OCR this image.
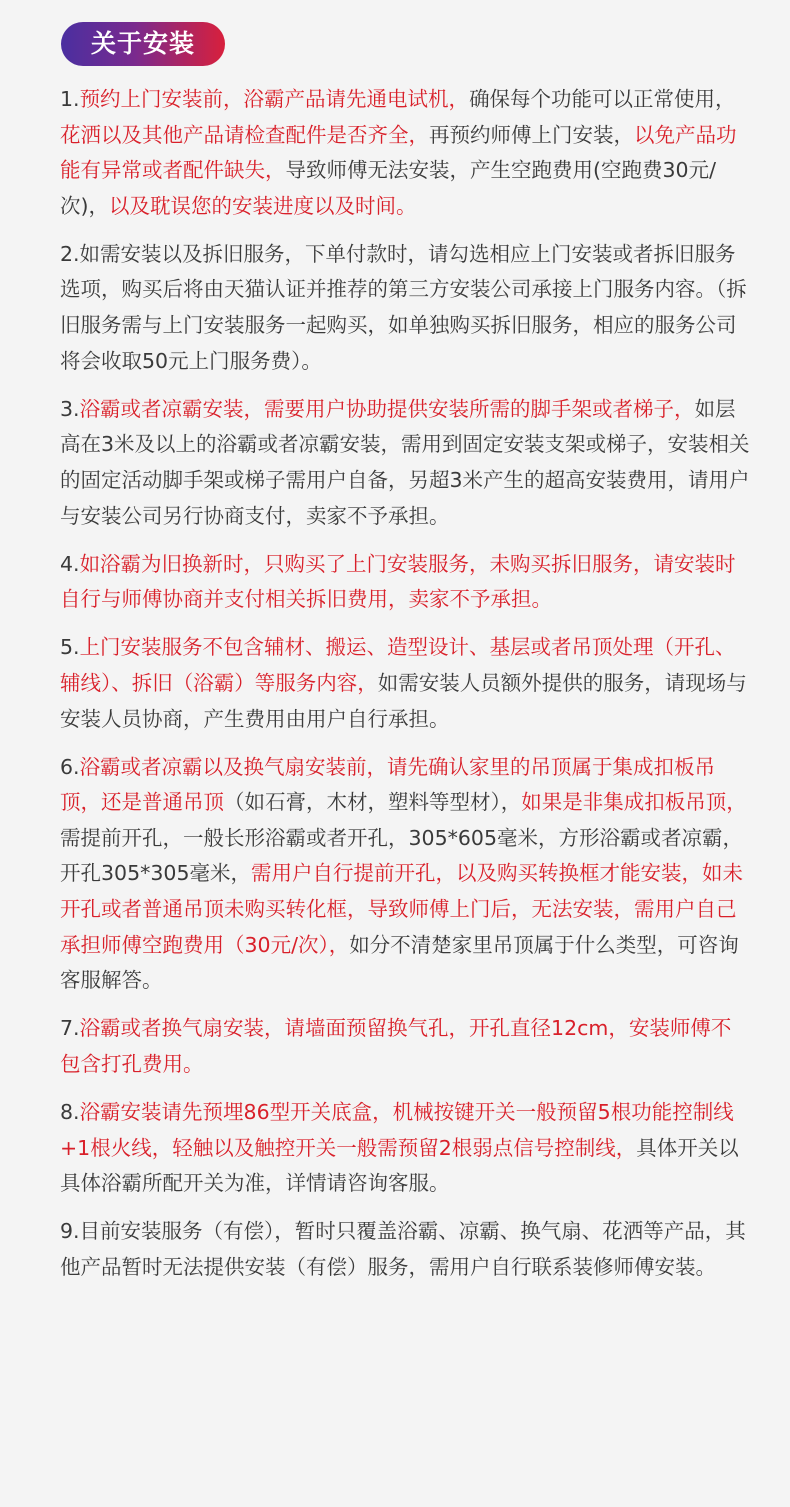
关于安装
1.预约上门安装前，浴霸产品请先通电试机，确保每个功能可以正常使用，花洒以及其他产品请检查配件是否齐全，再预约师傅上门安装，以免产品功能有异常或者配件缺失，导致师傅无法安装，产生空跑费用(空跑费30元/次)，以及耽误您的安装进度以及时间。
2.如需安装以及拆旧服务，下单付款时，请勾选相应上门安装或者拆旧服务选项，购买后将由天猫认证并推荐的第三方安装公司承接上门服务内容。（拆旧服务需与上门安装服务一起购买，如单独购买拆旧服务，相应的服务公司将会收取50元上门服务费）。
3.浴霸或者凉霸安装，需要用户协助提供安装所需的脚手架或者梯子，如层高在3米及以上的浴霸或者凉霸安装，需用到固定安装支架或梯子，安装相关的固定活动脚手架或梯子需用户自备，另超3米产生的超高安装费用，请用户与安装公司另行协商支付，卖家不予承担。
4.如浴霸为旧换新时，只购买了上门安装服务，未购买拆旧服务，请安装时自行与师傅协商并支付相关拆旧费用，卖家不予承担。
5.上门安装服务不包含辅材、搬运、造型设计、基层或者吊顶处理（开孔、辅线）、拆旧（浴霸）等服务内容，如需安装人员额外提供的服务，请现场与安装人员协商，产生费用由用户自行承担。
6.浴霸或者凉霸以及换气扇安装前，请先确认家里的吊顶属于集成扣板吊顶，还是普通吊顶（如石膏，木材，塑料等型材），如果是非集成扣板吊顶，需提前开孔，一般长形浴霸或者开孔，305*605毫米，方形浴霸或者凉霸，开孔305*305毫米，需用户自行提前开孔，以及购买转换框才能安装，如未开孔或者普通吊顶未购买转化框，导致师傅上门后，无法安装，需用户自己承担师傅空跑费用（30元/次），如分不清楚家里吊顶属于什么类型，可咨询客服解答。
7.浴霸或者换气扇安装，请墙面预留换气孔，开孔直径12cm，安装师傅不包含打孔费用。
8.浴霸安装请先预埋86型开关底盒，机械按键开关一般预留5根功能控制线+1根火线，轻触以及触控开关一般需预留2根弱点信号控制线，具体开关以具体浴霸所配开关为准，详情请咨询客服。
9.目前安装服务（有偿），暂时只覆盖浴霸、凉霸、换气扇、花洒等产品，其他产品暂时无法提供安装（有偿）服务，需用户自行联系装修师傅安装。
